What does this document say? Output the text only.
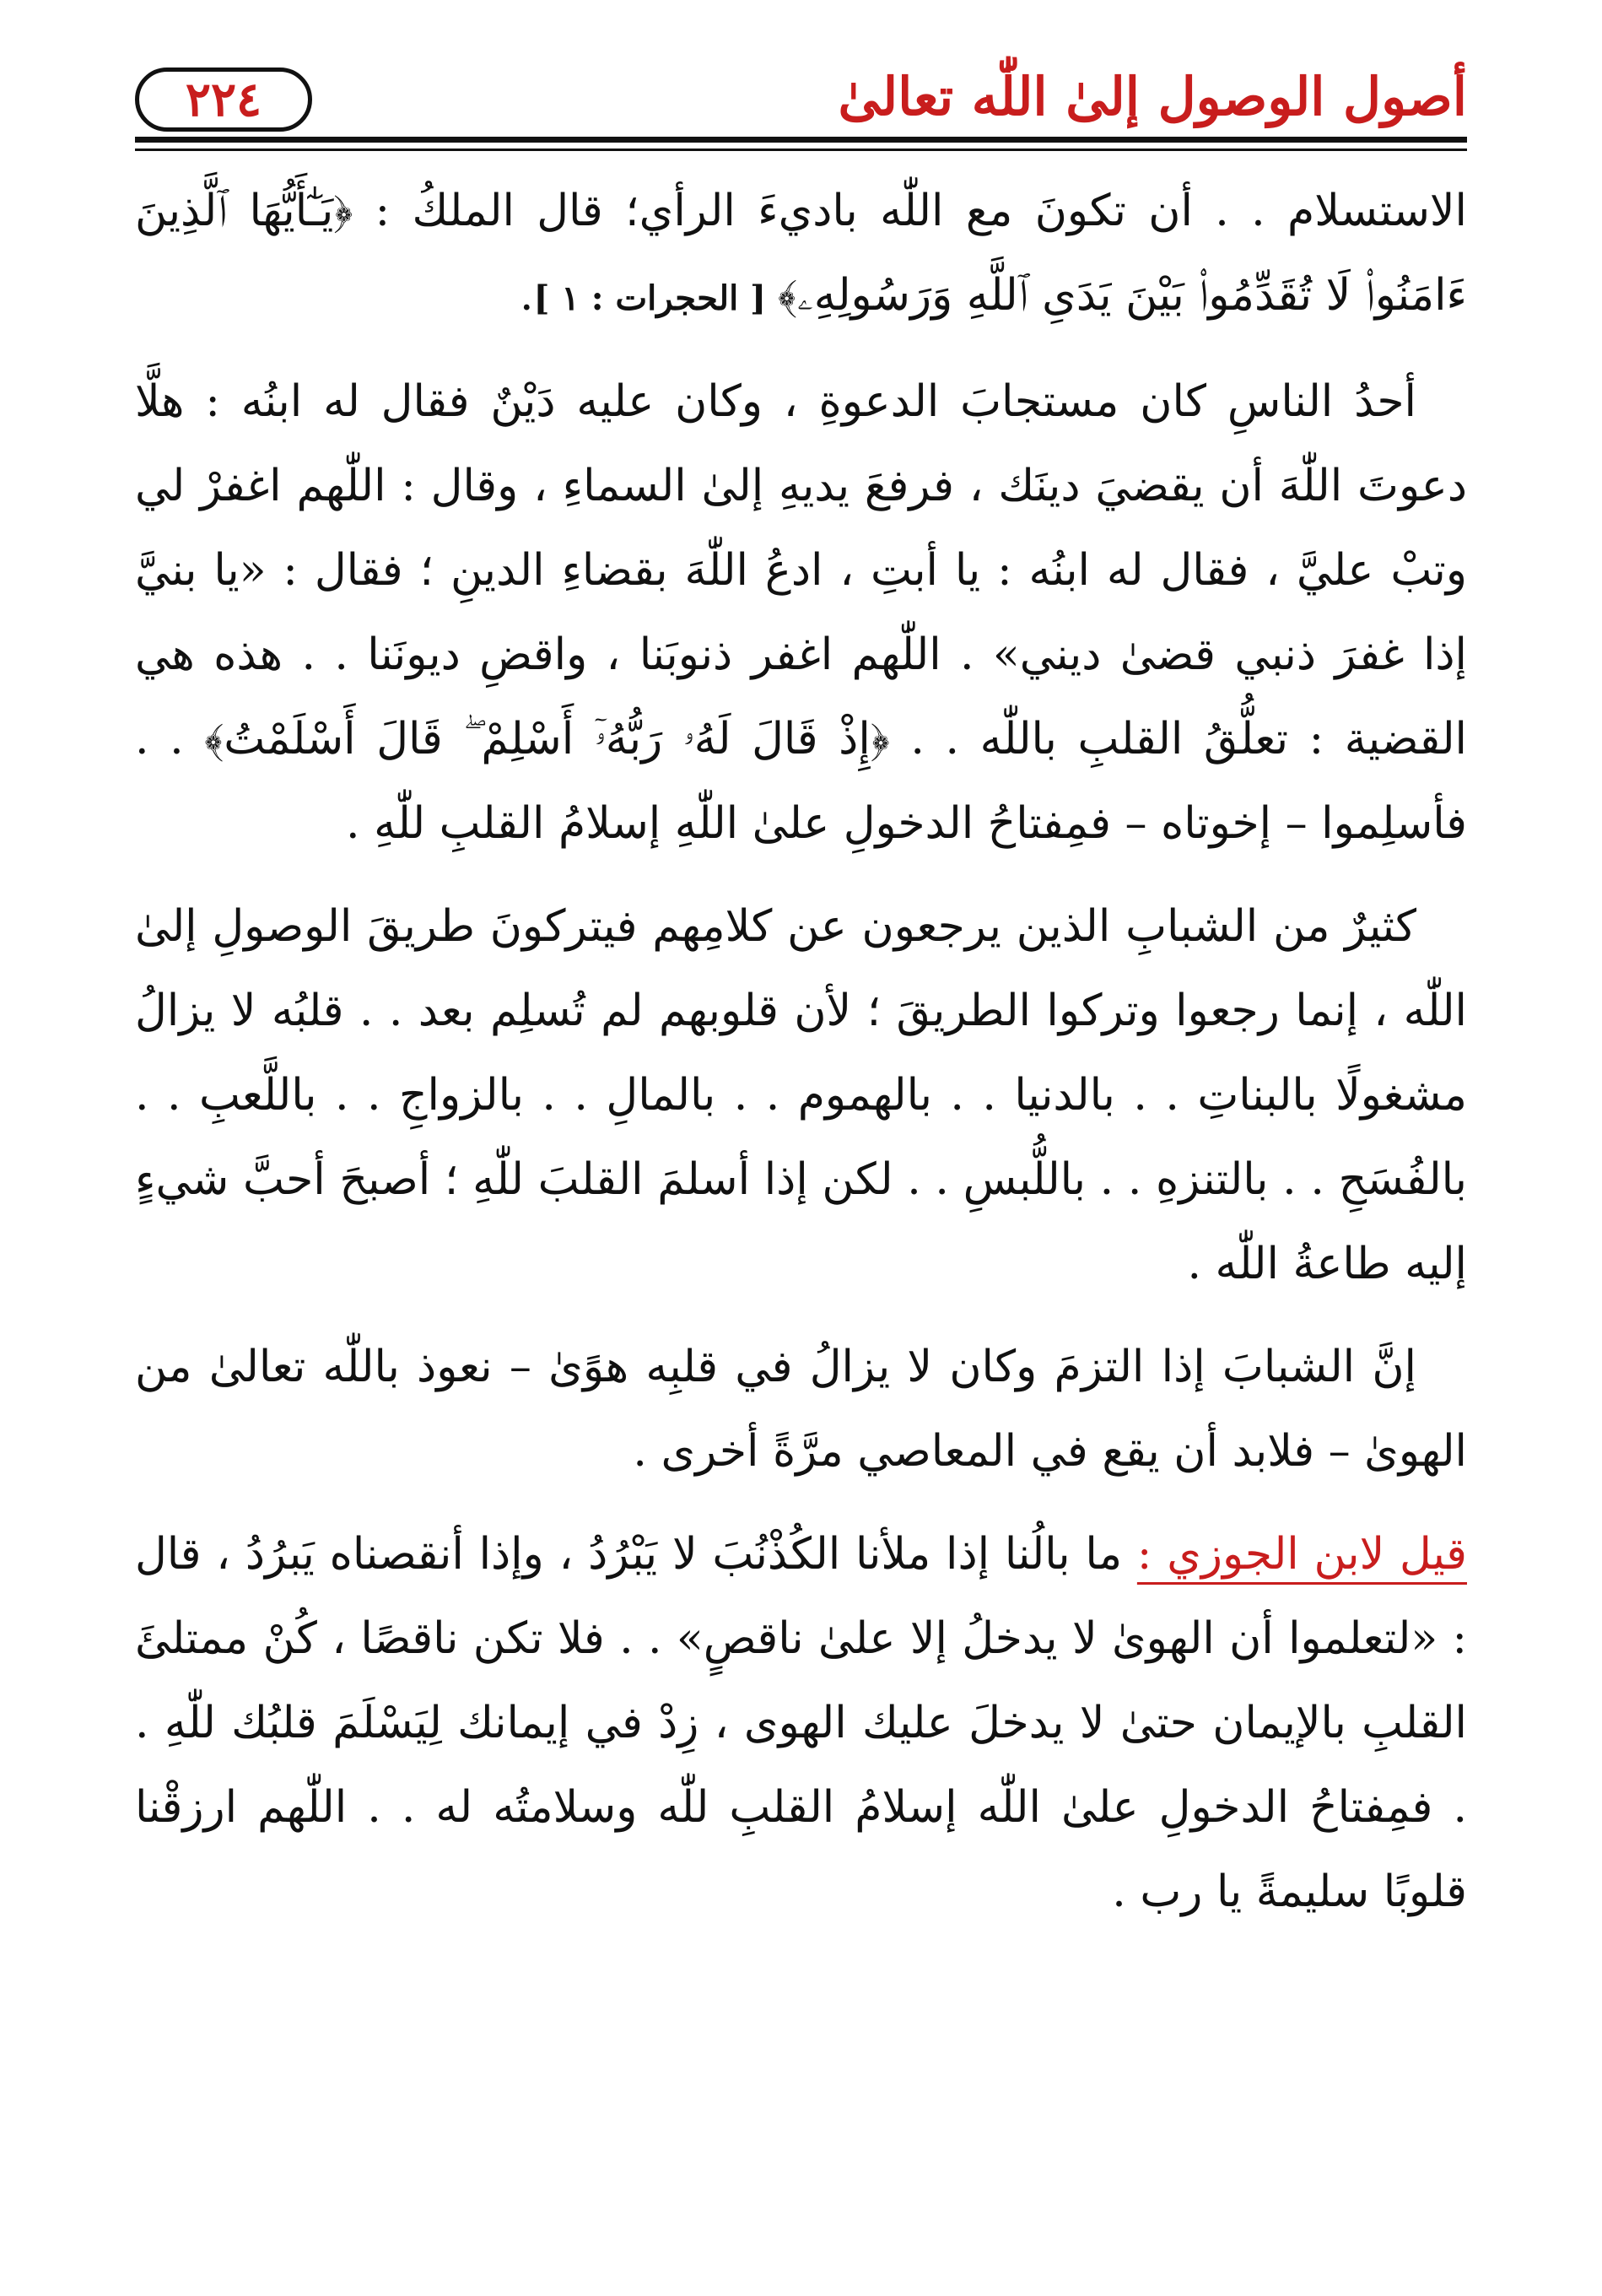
أصول الوصول إلىٰ اللّٰه تعالىٰ
٢٢٤

الاستسلام . . أن تكونَ مع اللّٰه باديءَ الرأي؛ قال الملكُ : ﴿يَـٰٓأَيُّهَا ٱلَّذِينَ ءَامَنُوا۟ لَا تُقَدِّمُوا۟ بَيْنَ يَدَىِ ٱللَّهِ وَرَسُولِهِۦ﴾ [ الحجرات : ١ ].

أحدُ الناسِ كان مستجابَ الدعوةِ ، وكان عليه دَيْنٌ فقال له ابنُه : هلَّا دعوتَ اللّٰهَ أن يقضيَ دينَك ، فرفعَ يديهِ إلىٰ السماءِ ، وقال : اللّٰهم اغفرْ لي وتبْ عليَّ ، فقال له ابنُه : يا أبتِ ، ادعُ اللّٰهَ بقضاءِ الدينِ ؛ فقال : «يا بنيَّ إذا غفرَ ذنبي قضىٰ ديني» . اللّٰهم اغفر ذنوبَنا ، واقضِ ديونَنا . . هذه هي القضية : تعلُّقُ القلبِ باللّٰه . . ﴿إِذْ قَالَ لَهُۥ رَبُّهُۥٓ أَسْلِمْ ۖ قَالَ أَسْلَمْتُ﴾ . . فأسلِموا – إخوتاه – فمِفتاحُ الدخولِ علىٰ اللّٰهِ إسلامُ القلبِ للّٰهِ .

كثيرٌ من الشبابِ الذين يرجعون عن كلامِهم فيتركونَ طريقَ الوصولِ إلىٰ اللّٰه ، إنما رجعوا وتركوا الطريقَ ؛ لأن قلوبهم لم تُسلِم بعد . . قلبُه لا يزالُ مشغولًا بالبناتِ . . بالدنيا . . بالهموم . . بالمالِ . . بالزواجِ . . باللَّعبِ . . بالفُسَحِ . . بالتنزهِ . . باللُّبسِ . . لكن إذا أسلمَ القلبَ للّٰهِ ؛ أصبحَ أحبَّ شيءٍ إليه طاعةُ اللّٰه .

إنَّ الشبابَ إذا التزمَ وكان لا يزالُ في قلبِه هوًىٰ – نعوذ باللّٰه تعالىٰ من الهوىٰ – فلابد أن يقع في المعاصي مرَّةً أخرى .

قيل لابن الجوزي : ما بالُنا إذا ملأنا الكُذْنُبَ لا يَبْرُدُ ، وإذا أنقصناه يَبرُدُ ، قال : «لتعلموا أن الهوىٰ لا يدخلُ إلا علىٰ ناقصٍ» . . فلا تكن ناقصًا ، كُنْ ممتلئَ القلبِ بالإيمان حتىٰ لا يدخلَ عليك الهوى ، زِدْ في إيمانك لِيَسْلَمَ قلبُك للّٰهِ . . فمِفتاحُ الدخولِ علىٰ اللّٰه إسلامُ القلبِ للّٰه وسلامتُه له . . اللّٰهم ارزقْنا قلوبًا سليمةً يا رب .
